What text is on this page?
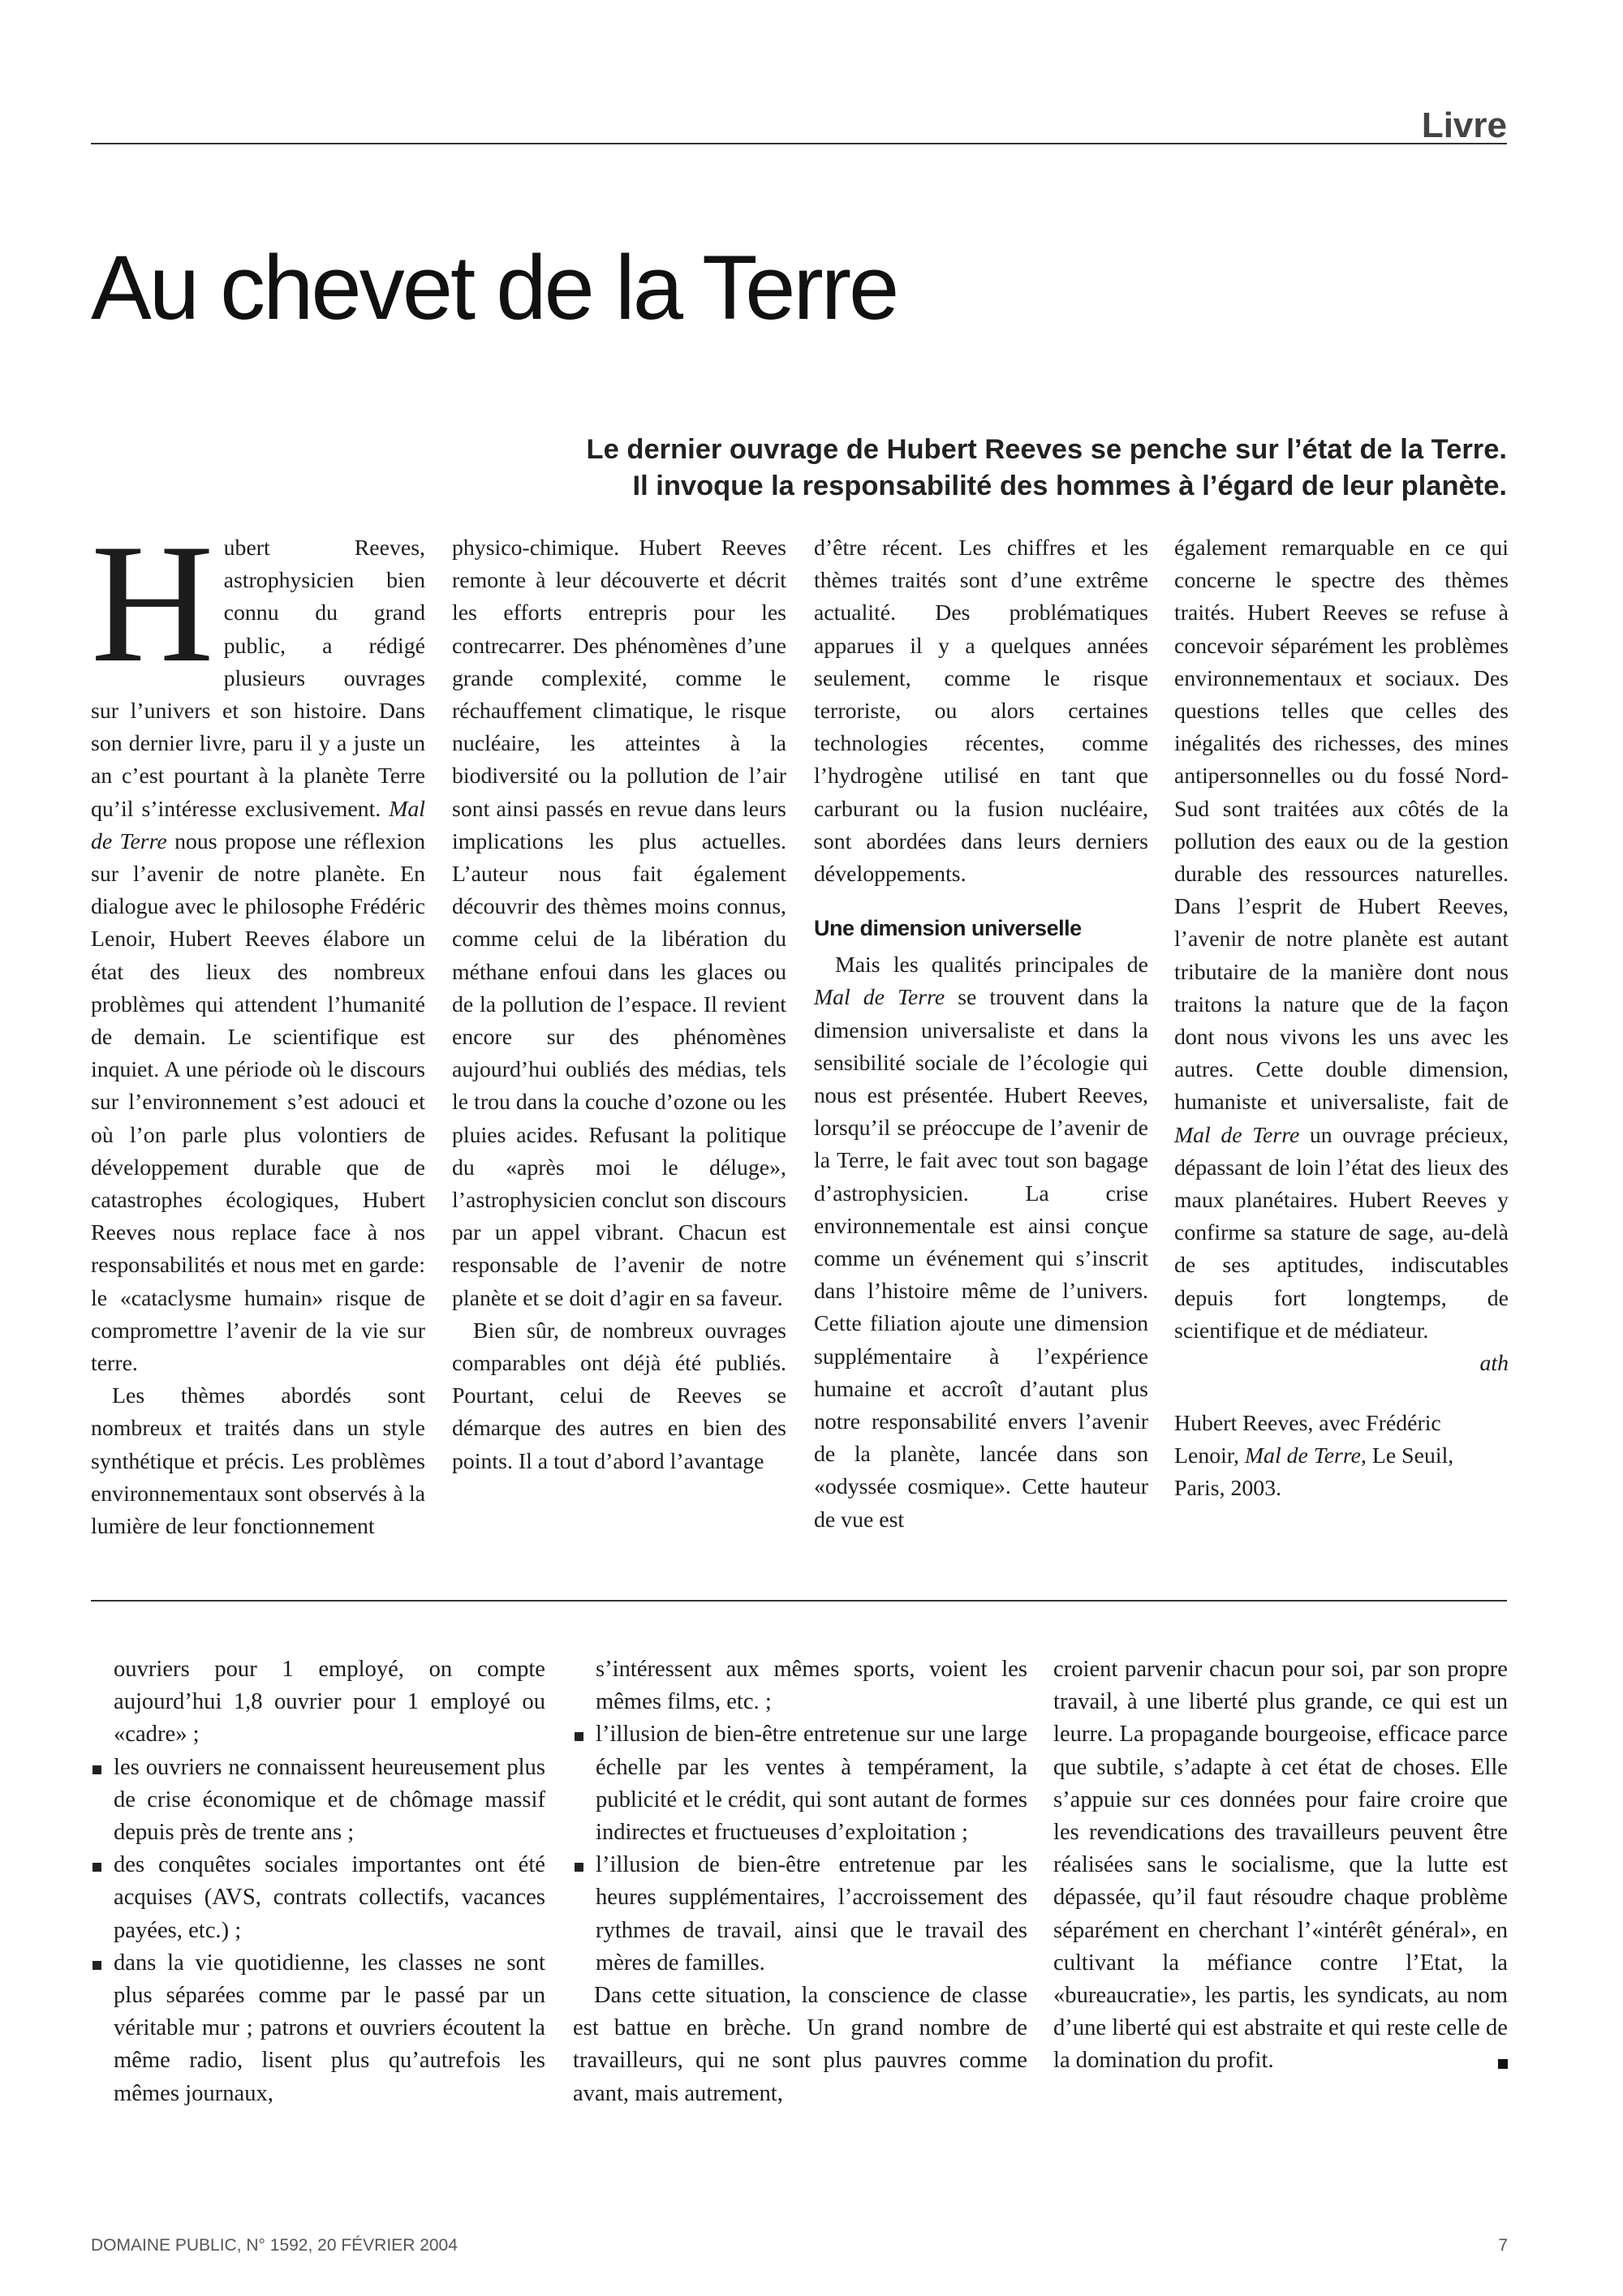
Livre
Au chevet de la Terre
Le dernier ouvrage de Hubert Reeves se penche sur l’état de la Terre.
Il invoque la responsabilité des hommes à l’égard de leur planète.

Hubert Reeves, astrophysicien bien connu du grand public, a rédigé plusieurs ouvrages sur l’univers et son histoire. Dans son dernier livre, paru il y a juste un an c’est pourtant à la planète Terre qu’il s’intéresse exclusivement. Mal de Terre nous propose une réflexion sur l’avenir de notre planète. En dialogue avec le philosophe Frédéric Lenoir, Hubert Reeves élabore un état des lieux des nombreux problèmes qui attendent l’humanité de demain. Le scientifique est inquiet. A une période où le discours sur l’environnement s’est adouci et où l’on parle plus volontiers de développement durable que de catastrophes écologiques, Hubert Reeves nous replace face à nos responsabilités et nous met en garde: le «cataclysme humain» risque de compromettre l’avenir de la vie sur terre.

Les thèmes abordés sont nombreux et traités dans un style synthétique et précis. Les problèmes environnementaux sont observés à la lumière de leur fonctionnement

physico-chimique. Hubert Reeves remonte à leur découverte et décrit les efforts entrepris pour les contrecarrer. Des phénomènes d’une grande complexité, comme le réchauffement climatique, le risque nucléaire, les atteintes à la biodiversité ou la pollution de l’air sont ainsi passés en revue dans leurs implications les plus actuelles. L’auteur nous fait également découvrir des thèmes moins connus, comme celui de la libération du méthane enfoui dans les glaces ou de la pollution de l’espace. Il revient encore sur des phénomènes aujourd’hui oubliés des médias, tels le trou dans la couche d’ozone ou les pluies acides. Refusant la politique du «après moi le déluge», l’astrophysicien conclut son discours par un appel vibrant. Chacun est responsable de l’avenir de notre planète et se doit d’agir en sa faveur.

Bien sûr, de nombreux ouvrages comparables ont déjà été publiés. Pourtant, celui de Reeves se démarque des autres en bien des points. Il a tout d’abord l’avantage

d’être récent. Les chiffres et les thèmes traités sont d’une extrême actualité. Des problématiques apparues il y a quelques années seulement, comme le risque terroriste, ou alors certaines technologies récentes, comme l’hydrogène utilisé en tant que carburant ou la fusion nucléaire, sont abordées dans leurs derniers développements.

Une dimension universelle

Mais les qualités principales de Mal de Terre se trouvent dans la dimension universaliste et dans la sensibilité sociale de l’écologie qui nous est présentée. Hubert Reeves, lorsqu’il se préoccupe de l’avenir de la Terre, le fait avec tout son bagage d’astrophysicien. La crise environnementale est ainsi conçue comme un événement qui s’inscrit dans l’histoire même de l’univers. Cette filiation ajoute une dimension supplémentaire à l’expérience humaine et accroît d’autant plus notre responsabilité envers l’avenir de la planète, lancée dans son «odyssée cosmique». Cette hauteur de vue est

également remarquable en ce qui concerne le spectre des thèmes traités. Hubert Reeves se refuse à concevoir séparément les problèmes environnementaux et sociaux. Des questions telles que celles des inégalités des richesses, des mines antipersonnelles ou du fossé Nord-Sud sont traitées aux côtés de la pollution des eaux ou de la gestion durable des ressources naturelles. Dans l’esprit de Hubert Reeves, l’avenir de notre planète est autant tributaire de la manière dont nous traitons la nature que de la façon dont nous vivons les uns avec les autres. Cette double dimension, humaniste et universaliste, fait de Mal de Terre un ouvrage précieux, dépassant de loin l’état des lieux des maux planétaires. Hubert Reeves y confirme sa stature de sage, au-delà de ses aptitudes, indiscutables depuis fort longtemps, de scientifique et de médiateur.

ath
Hubert Reeves, avec Frédéric
Lenoir, Mal de Terre, Le Seuil,
Paris, 2003.
ouvriers pour 1 employé, on compte aujourd’hui 1,8 ouvrier pour 1 employé ou «cadre» ;
les ouvriers ne connaissent heureusement plus de crise économique et de chômage massif depuis près de trente ans ;
des conquêtes sociales importantes ont été acquises (AVS, contrats collectifs, vacances payées, etc.) ;
dans la vie quotidienne, les classes ne sont plus séparées comme par le passé par un véritable mur ; patrons et ouvriers écoutent la même radio, lisent plus qu’autrefois les mêmes journaux,
s’intéressent aux mêmes sports, voient les mêmes films, etc. ;
l’illusion de bien-être entretenue sur une large échelle par les ventes à tempérament, la publicité et le crédit, qui sont autant de formes indirectes et fructueuses d’exploitation ;
l’illusion de bien-être entretenue par les heures supplémentaires, l’accroissement des rythmes de travail, ainsi que le travail des mères de familles.

Dans cette situation, la conscience de classe est battue en brèche. Un grand nombre de travailleurs, qui ne sont plus pauvres comme avant, mais autrement,

croient parvenir chacun pour soi, par son propre travail, à une liberté plus grande, ce qui est un leurre. La propagande bourgeoise, efficace parce que subtile, s’adapte à cet état de choses. Elle s’appuie sur ces données pour faire croire que les revendications des travailleurs peuvent être réalisées sans le socialisme, que la lutte est dépassée, qu’il faut résoudre chaque problème séparément en cherchant l’«intérêt général», en cultivant la méfiance contre l’Etat, la «bureaucratie», les partis, les syndicats, au nom d’une liberté qui est abstraite et qui reste celle de la domination du profit.

DOMAINE PUBLIC, N° 1592, 20 FÉVRIER 2004	7
